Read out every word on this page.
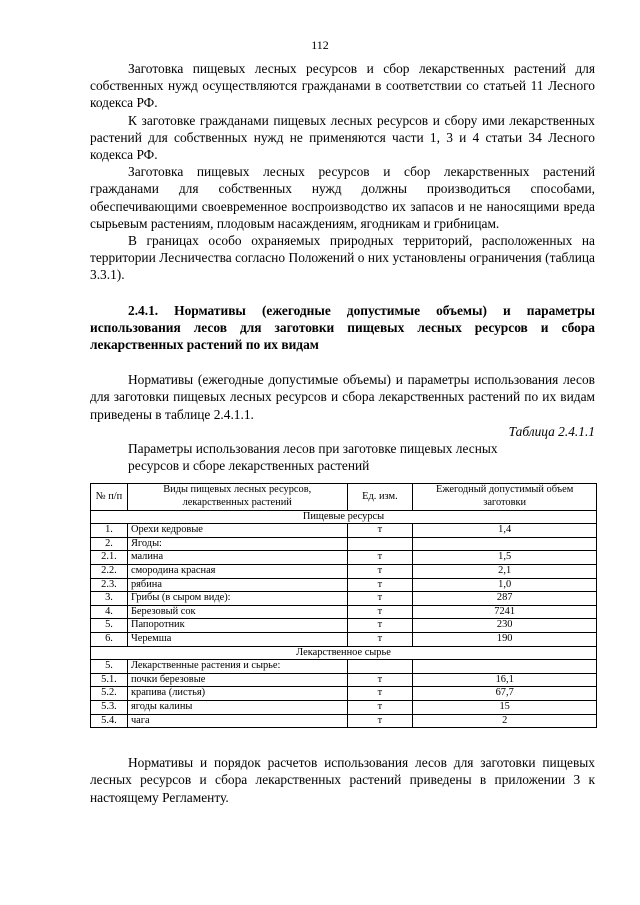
112

Заготовка пищевых лесных ресурсов и сбор лекарственных растений для собственных нужд осуществляются гражданами в соответствии со статьей 11 Лесного кодекса РФ.

К заготовке гражданами пищевых лесных ресурсов и сбору ими лекарственных растений для собственных нужд не применяются части 1, 3 и 4 статьи 34 Лесного кодекса РФ.

Заготовка пищевых лесных ресурсов и сбор лекарственных растений гражданами для собственных нужд должны производиться способами, обеспечивающими своевременное воспроизводство их запасов и не наносящими вреда сырьевым растениям, плодовым насаждениям, ягодникам и грибницам.

В границах особо охраняемых природных территорий, расположенных на территории Лесничества согласно Положений о них установлены ограничения (таблица 3.3.1).

2.4.1. Нормативы (ежегодные допустимые объемы) и параметры использования лесов для заготовки пищевых лесных ресурсов и сбора лекарственных растений по их видам

Нормативы (ежегодные допустимые объемы) и параметры использования лесов для заготовки пищевых лесных ресурсов и сбора лекарственных растений по их видам приведены в таблице 2.4.1.1.

Таблица 2.4.1.1

Параметры использования лесов при заготовке пищевых лесных

ресурсов и сборе лекарственных растений

№ п/п	Виды пищевых лесных ресурсов, лекарственных растений	Ед. изм.	Ежегодный допустимый объем заготовки
Пищевые ресурсы			
1.	Орехи кедровые	т	1,4
2.	Ягоды:		
2.1.	малина	т	1,5
2.2.	смородина красная	т	2,1
2.3.	рябина	т	1,0
3.	Грибы (в сыром виде):	т	287
4.	Березовый сок	т	7241
5.	Папоротник	т	230
6.	Черемша	т	190
Лекарственное сырье			
5.	Лекарственные растения и сырье:		
5.1.	почки березовые	т	16,1
5.2.	крапива (листья)	т	67,7
5.3.	ягоды калины	т	15
5.4.	чага	т	2

Нормативы и порядок расчетов использования лесов для заготовки пищевых лесных ресурсов и сбора лекарственных растений приведены в приложении 3 к настоящему Регламенту.
